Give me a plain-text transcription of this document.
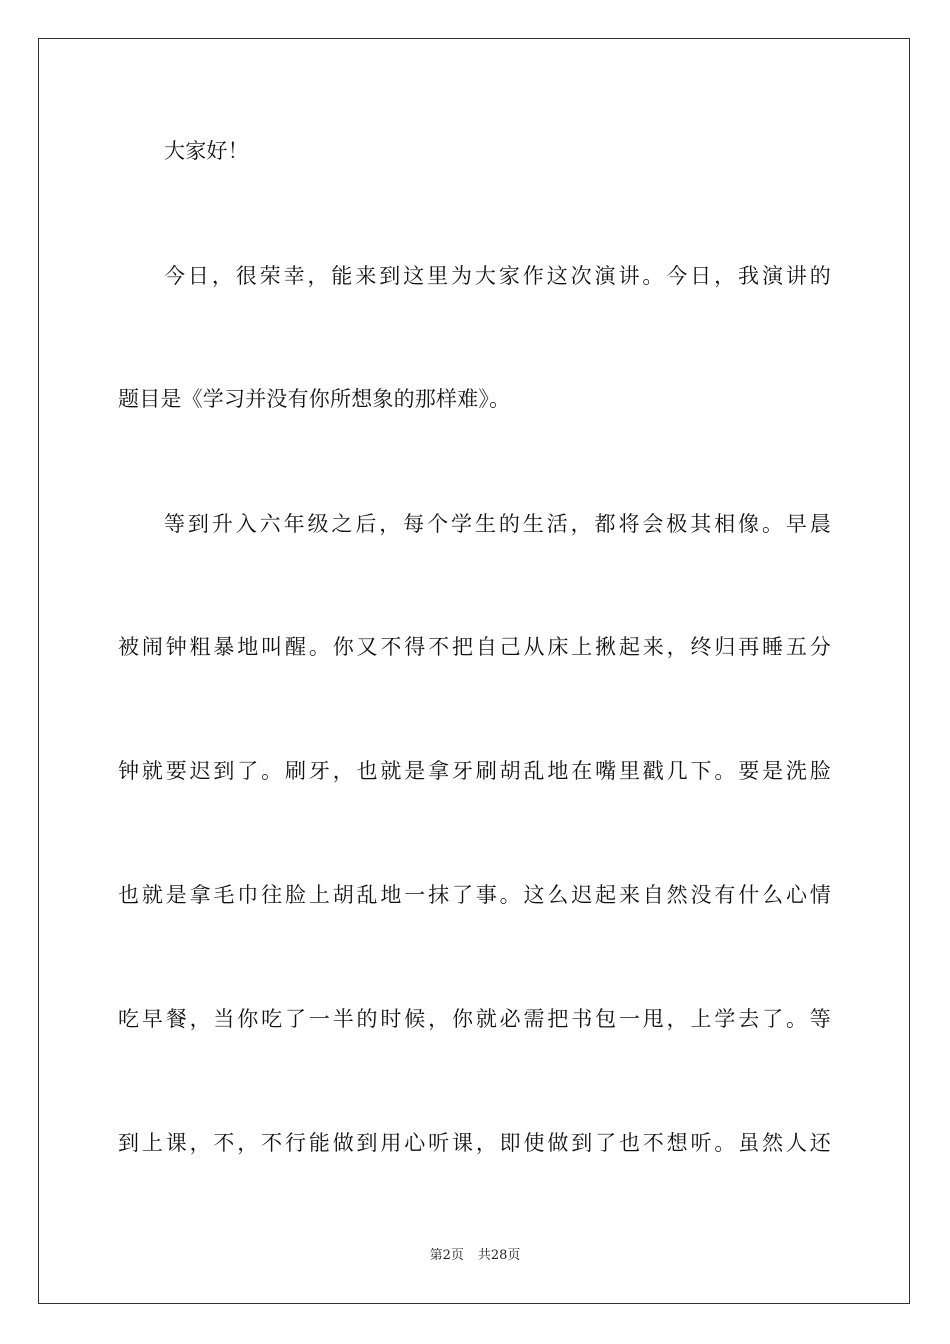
大家好！
今日，很荣幸，能来到这里为大家作这次演讲。今日，我演讲的
题目是《学习并没有你所想象的那样难》。
等到升入六年级之后，每个学生的生活，都将会极其相像。早晨
被闹钟粗暴地叫醒。你又不得不把自己从床上揪起来，终归再睡五分
钟就要迟到了。刷牙，也就是拿牙刷胡乱地在嘴里戳几下。要是洗脸
也就是拿毛巾往脸上胡乱地一抹了事。这么迟起来自然没有什么心情
吃早餐，当你吃了一半的时候，你就必需把书包一甩，上学去了。等
到上课，不，不行能做到用心听课，即使做到了也不想听。虽然人还
第2页 共28页
